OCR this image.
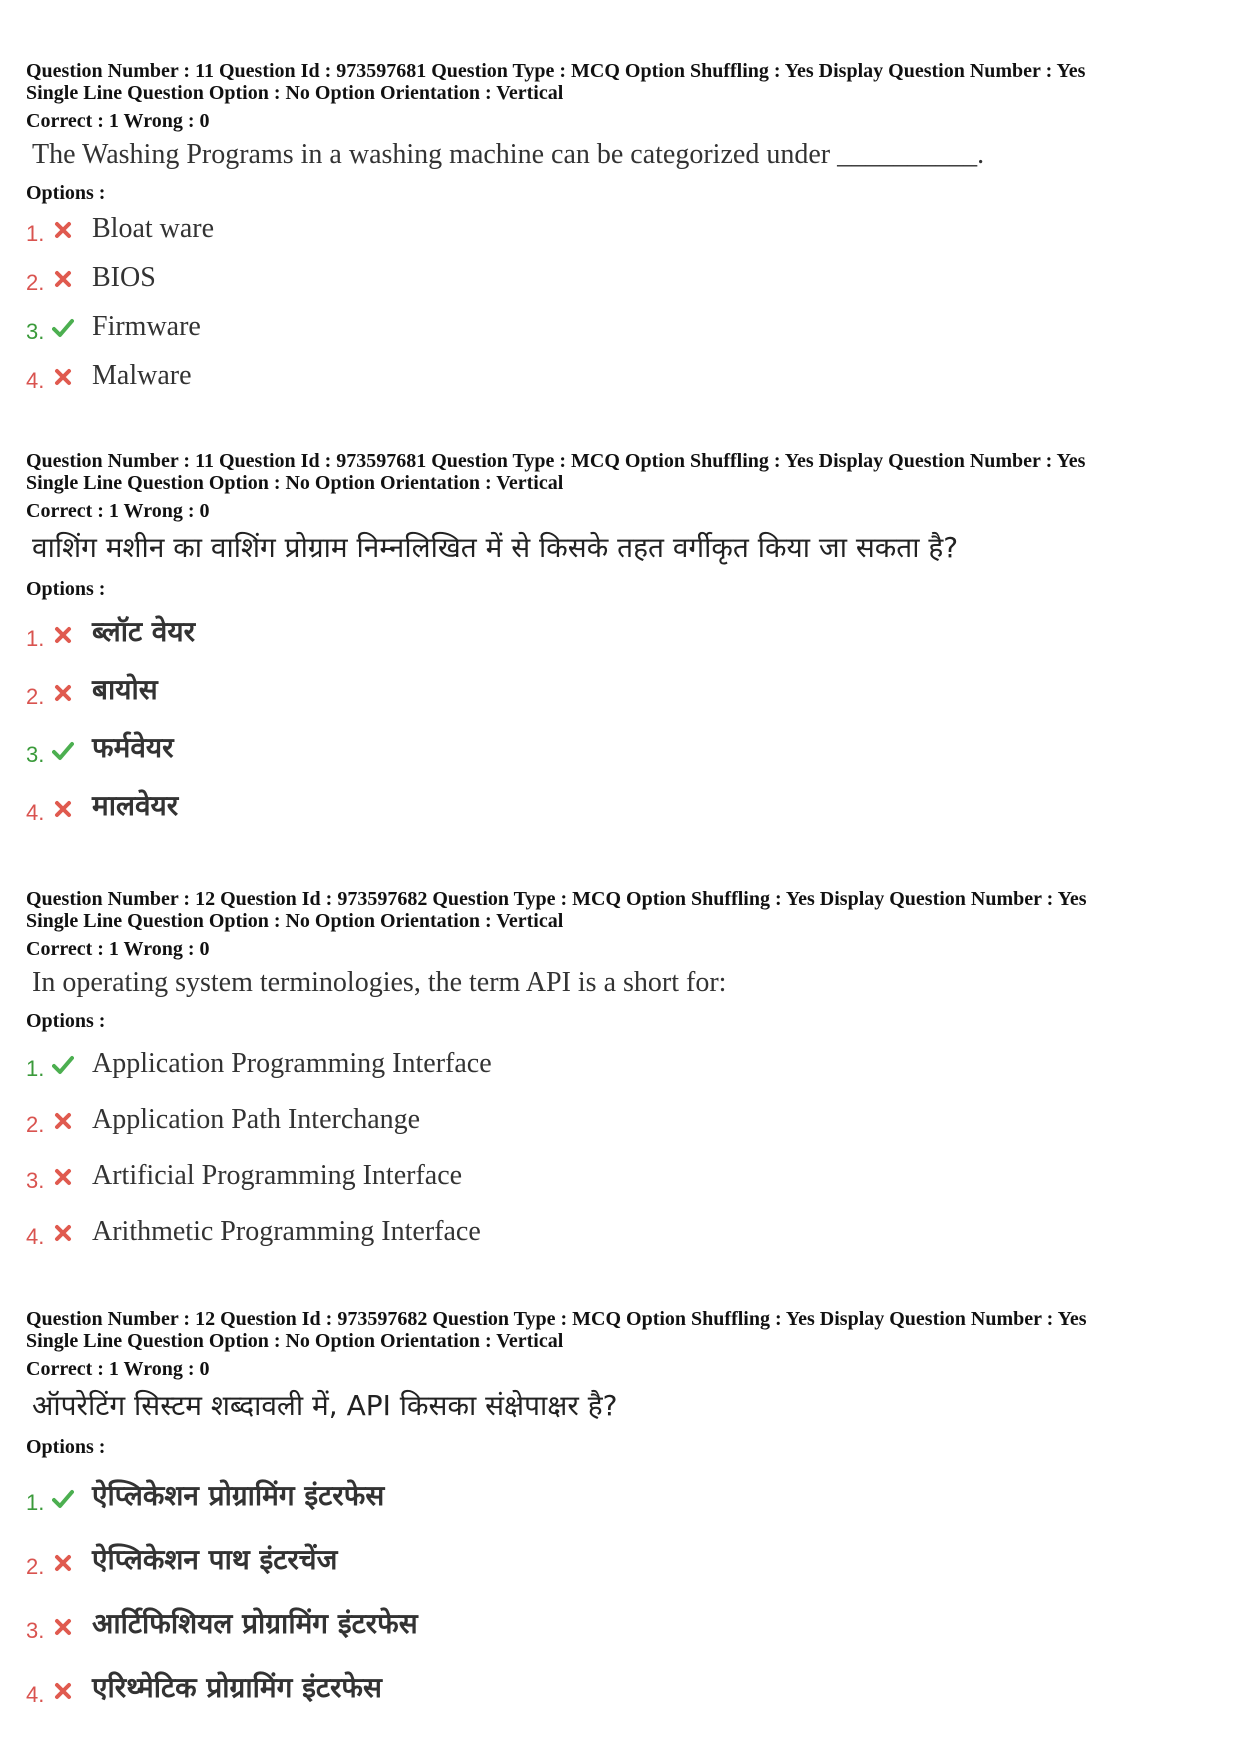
Question Number : 11 Question Id : 973597681 Question Type : MCQ Option Shuffling : Yes Display Question Number : Yes
Single Line Question Option : No Option Orientation : Vertical
Correct : 1 Wrong : 0
The Washing Programs in a washing machine can be categorized under __________.
Options :
1. Bloat ware
2. BIOS
3. Firmware
4. Malware
Question Number : 11 Question Id : 973597681 Question Type : MCQ Option Shuffling : Yes Display Question Number : Yes
Single Line Question Option : No Option Orientation : Vertical
Correct : 1 Wrong : 0
वाशिंग मशीन का वाशिंग प्रोग्राम निम्नलिखित में से किसके तहत वर्गीकृत किया जा सकता है?
Options :
1. ब्लॉट वेयर
2. बायोस
3. फर्मवेयर
4. मालवेयर
Question Number : 12 Question Id : 973597682 Question Type : MCQ Option Shuffling : Yes Display Question Number : Yes
Single Line Question Option : No Option Orientation : Vertical
Correct : 1 Wrong : 0
In operating system terminologies, the term API is a short for:
Options :
1. Application Programming Interface
2. Application Path Interchange
3. Artificial Programming Interface
4. Arithmetic Programming Interface
Question Number : 12 Question Id : 973597682 Question Type : MCQ Option Shuffling : Yes Display Question Number : Yes
Single Line Question Option : No Option Orientation : Vertical
Correct : 1 Wrong : 0
ऑपरेटिंग सिस्टम शब्दावली में, API किसका संक्षेपाक्षर है?
Options :
1. ऐप्लिकेशन प्रोग्रामिंग इंटरफेस
2. ऐप्लिकेशन पाथ इंटरचेंज
3. आर्टिफिशियल प्रोग्रामिंग इंटरफेस
4. एरिथ्मेटिक प्रोग्रामिंग इंटरफेस
